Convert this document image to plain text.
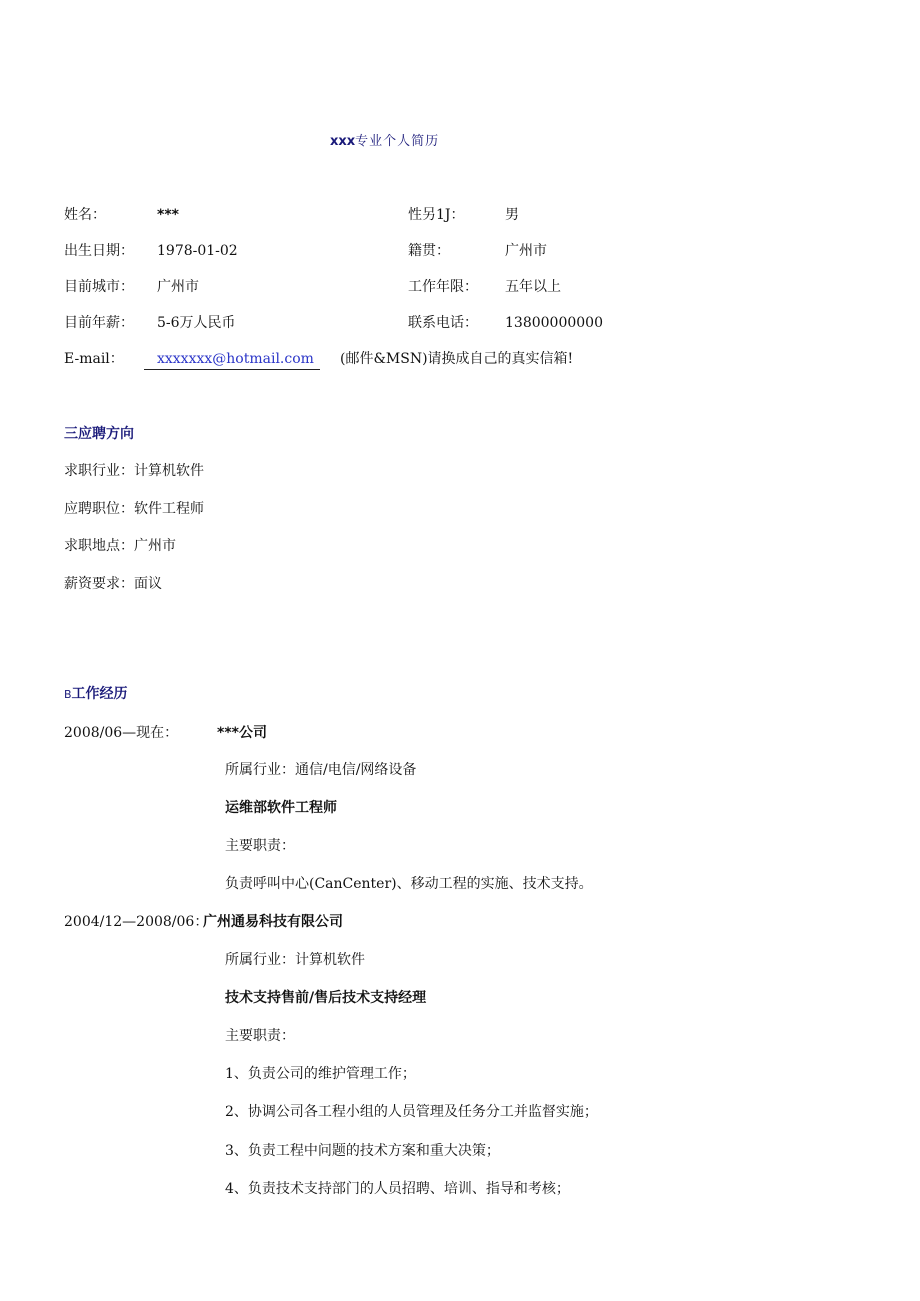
xxx专业个人简历
姓名：	***	性另1J：	男
出生日期： 1978-01-02	籍贯：	广州市
目前城市： 广州市	工作年限： 五年以上
目前年薪： 5-6万人民币	联系电话： 13800000000
E-mail： xxxxxxx@hotmail.com (邮件&MSN)请换成自己的真实信箱!
三应聘方向
求职行业：计算机软件
应聘职位：软件工程师
求职地点：广州市
薪资要求：面议
B工作经历
2008/06—现在：	***公司
所属行业：通信/电信/网络设备
运维部软件工程师
主要职责：
负责呼叫中心(CanCenter)、移动工程的实施、技术支持。
2004/12—2008/06：
广州通易科技有限公司
所属行业：计算机软件
技术支持售前/售后技术支持经理
主要职责：
1、负责公司的维护管理工作；
2、协调公司各工程小组的人员管理及任务分工并监督实施；
3、负责工程中问题的技术方案和重大决策；
4、负责技术支持部门的人员招聘、培训、指导和考核；
